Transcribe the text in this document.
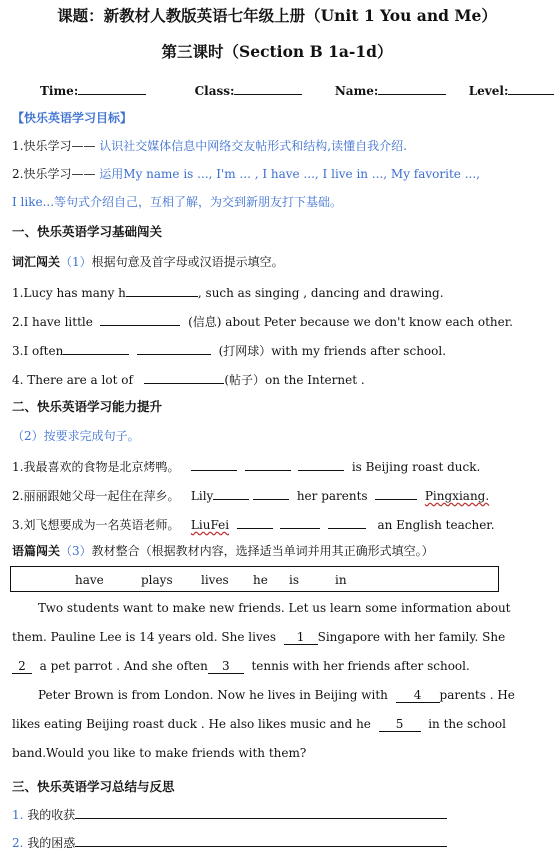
课题：新教材人教版英语七年级上册（Unit 1 You and Me）
第三课时（Section B 1a-1d）
Time:	Class:	Name:	Level:
【快乐英语学习目标】
1.快乐学习—— 认识社交媒体信息中网络交友帖形式和结构,读懂自我介绍.
2.快乐学习—— 运用My name is ..., I'm ... , I have ..., I live in ..., My favorite ...,
I like...等句式介绍自己，互相了解，为交到新朋友打下基础。
一、快乐英语学习基础闯关
词汇闯关（1）根据句意及首字母或汉语提示填空。
1.Lucy has many h	, such as singing , dancing and drawing.
2.I have little	(信息) about Peter because we don't know each other.
3.I often	(打网球）with my friends after school.
4. There are a lot of	(帖子）on the Internet .
二、快乐英语学习能力提升
（2）按要求完成句子。
1.我最喜欢的食物是北京烤鸭。	is Beijing roast duck.
2.丽丽跟她父母一起住在萍乡。 Lily	her parents	Pingxiang.
3.刘飞想要成为一名英语老师。 LiuFei	an English teacher.
语篇闯关（3）教材整合（根据教材内容，选择适当单词并用其正确形式填空。）
have	plays lives he is	in
Two students want to make new friends. Let us learn some information about
them. Pauline Lee is 14 years old. She lives 1 Singapore with her family. She
2 a pet parrot . And she often 3 tennis with her friends after school.
Peter Brown is from London. Now he lives in Beijing with 4 parents . He
likes eating Beijing roast duck . He also likes music and he 5 in the school
band.Would you like to make friends with them?
三、快乐英语学习总结与反思
1. 我的收获
2. 我的困惑
